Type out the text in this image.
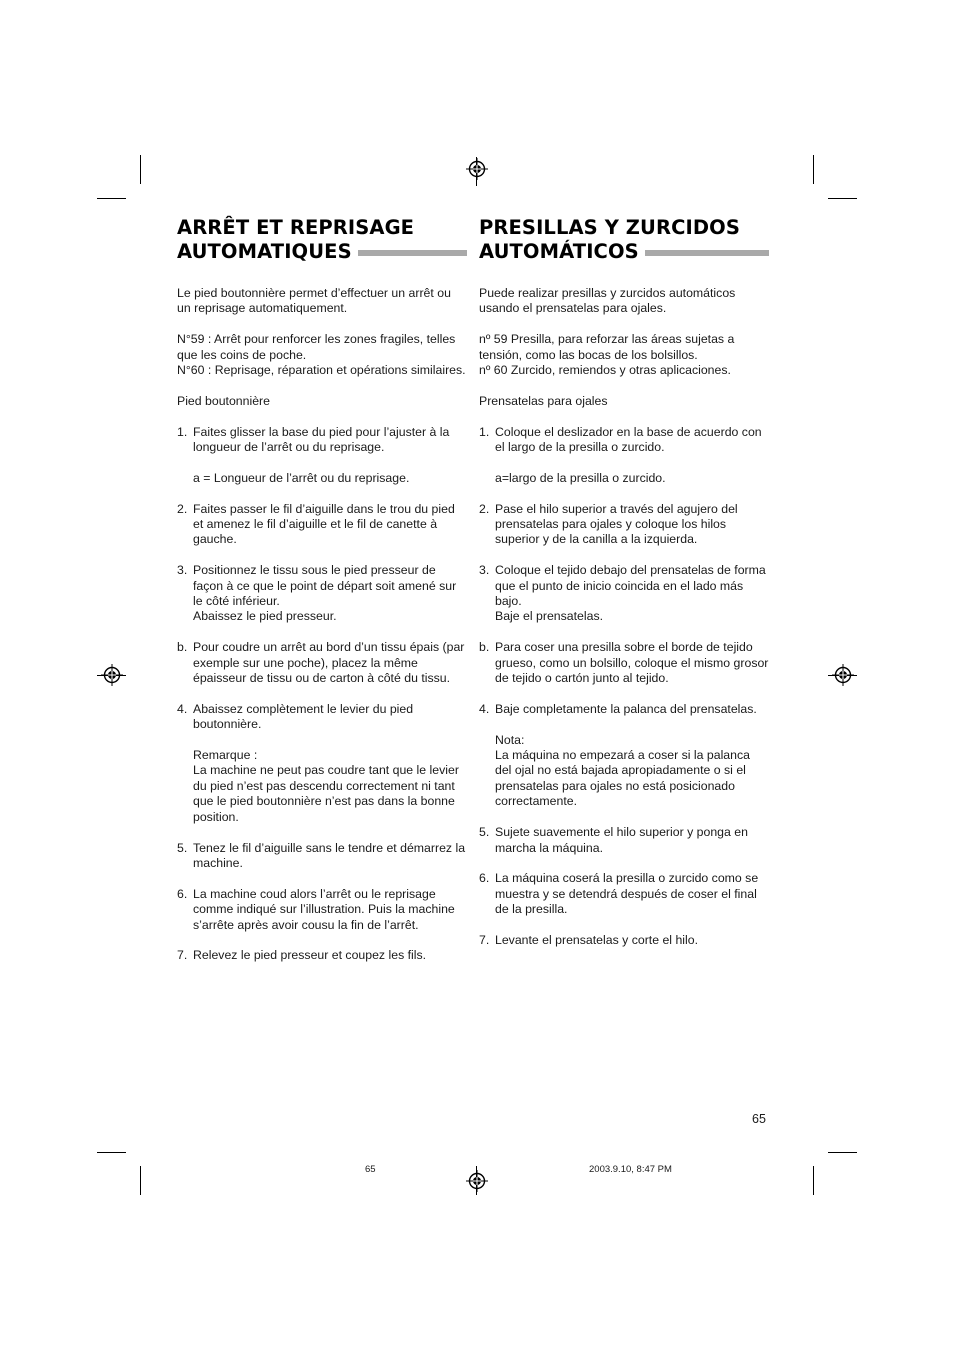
ARRÊT ET REPRISAGE
AUTOMATIQUES

Le pied boutonnière permet d’effectuer un arrêt ou un reprisage automatiquement.

N°59 : Arrêt pour renforcer les zones fragiles, telles que les coins de poche.
N°60 : Reprisage, réparation et opérations similaires.

Pied boutonnière

1. Faites glisser la base du pied pour l’ajuster à la longueur de l’arrêt ou du reprisage.

a = Longueur de l’arrêt ou du reprisage.
2. Faites passer le fil d’aiguille dans le trou du pied et amenez le fil d’aiguille et le fil de canette à gauche.
3. Positionnez le tissu sous le pied presseur de façon à ce que le point de départ soit amené sur le côté inférieur.
Abaissez le pied presseur.
b. Pour coudre un arrêt au bord d’un tissu épais (par exemple sur une poche), placez la même épaisseur de tissu ou de carton à côté du tissu.
4. Abaissez complètement le levier du pied boutonnière.

Remarque :
La machine ne peut pas coudre tant que le levier du pied n’est pas descendu correctement ni tant que le pied boutonnière n’est pas dans la bonne position.
5. Tenez le fil d’aiguille sans le tendre et démarrez la machine.
6. La machine coud alors l’arrêt ou le reprisage comme indiqué sur l’illustration. Puis la machine s’arrête après avoir cousu la fin de l’arrêt.
7. Relevez le pied presseur et coupez les fils.
PRESILLAS Y ZURCIDOS
AUTOMÁTICOS

Puede realizar presillas y zurcidos automáticos usando el prensatelas para ojales.

nº 59 Presilla, para reforzar las áreas sujetas a tensión, como las bocas de los bolsillos.
nº 60 Zurcido, remiendos y otras aplicaciones.

Prensatelas para ojales

1. Coloque el deslizador en la base de acuerdo con el largo de la presilla o zurcido.

a=largo de la presilla o zurcido.
2. Pase el hilo superior a través del agujero del prensatelas para ojales y coloque los hilos superior y de la canilla a la izquierda.
3. Coloque el tejido debajo del prensatelas de forma que el punto de inicio coincida en el lado más bajo.
Baje el prensatelas.
b. Para coser una presilla sobre el borde de tejido grueso, como un bolsillo, coloque el mismo grosor de tejido o cartón junto al tejido.
4. Baje completamente la palanca del prensatelas.

Nota:
La máquina no empezará a coser si la palanca del ojal no está bajada apropiadamente o si el prensatelas para ojales no está posicionado correctamente.
5. Sujete suavemente el hilo superior y ponga en marcha la máquina.
6. La máquina coserá la presilla o zurcido como se muestra y se detendrá después de coser el final de la presilla.
7. Levante el prensatelas y corte el hilo.
65
65	2003.9.10, 8:47 PM
